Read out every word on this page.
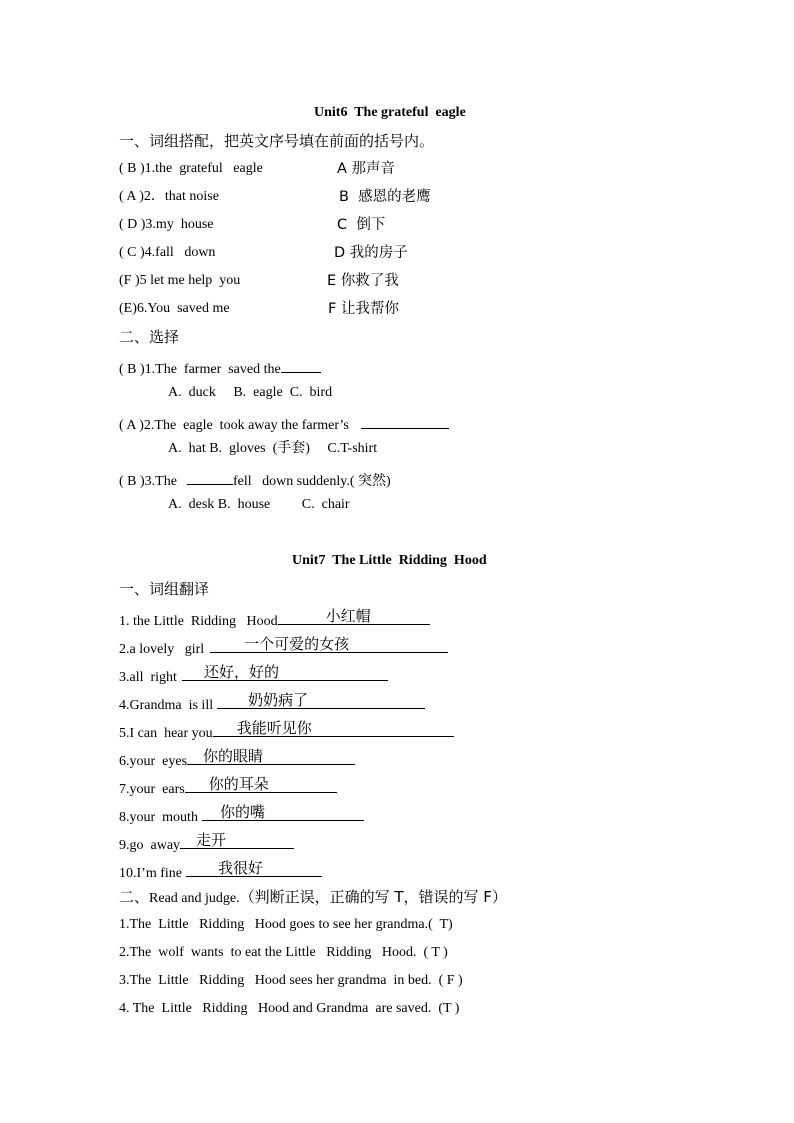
Unit6  The grateful  eagle
一、词组搭配，把英文序号填在前面的括号内。
( B )1.the  grateful   eagle	A 那声音
( A )2．that noise	B  感恩的老鹰
( D )3.my  house	C  倒下
( C )4.fall   down	D 我的房子
(F )5 let me help  you	E 你救了我
(E)6.You  saved me	F 让我帮你
二、选择
( B )1.The  farmer  saved the
A.  duck     B.  eagle  C.  bird
( A )2.The  eagle  took away the farmer’s
A.  hat B.  gloves  (手套)     C.T-shirt
( B )3.The	fell   down suddenly.( 突然)
A.  desk B.  house         C.  chair
Unit7  The Little  Ridding  Hood
一、词组翻译
1. the Little  Ridding   Hood	小红帽
2.a lovely   girl	一个可爱的女孩
3.all  right 还好，好的
4.Grandma  is ill 奶奶病了
5.I can  hear you 我能听见你
6.your  eyes 你的眼睛
7.your  ears 你的耳朵
8.your  mouth 你的嘴
9.go  away 走开
10.I’m fine 我很好
二、Read and judge.（判断正误，正确的写 T，错误的写 F）
1.The  Little   Ridding   Hood goes to see her grandma.(  T)
2.The  wolf  wants  to eat the Little   Ridding   Hood.  ( T )
3.The  Little   Ridding   Hood sees her grandma  in bed.  ( F )
4. The  Little   Ridding   Hood and Grandma  are saved.  (T )
